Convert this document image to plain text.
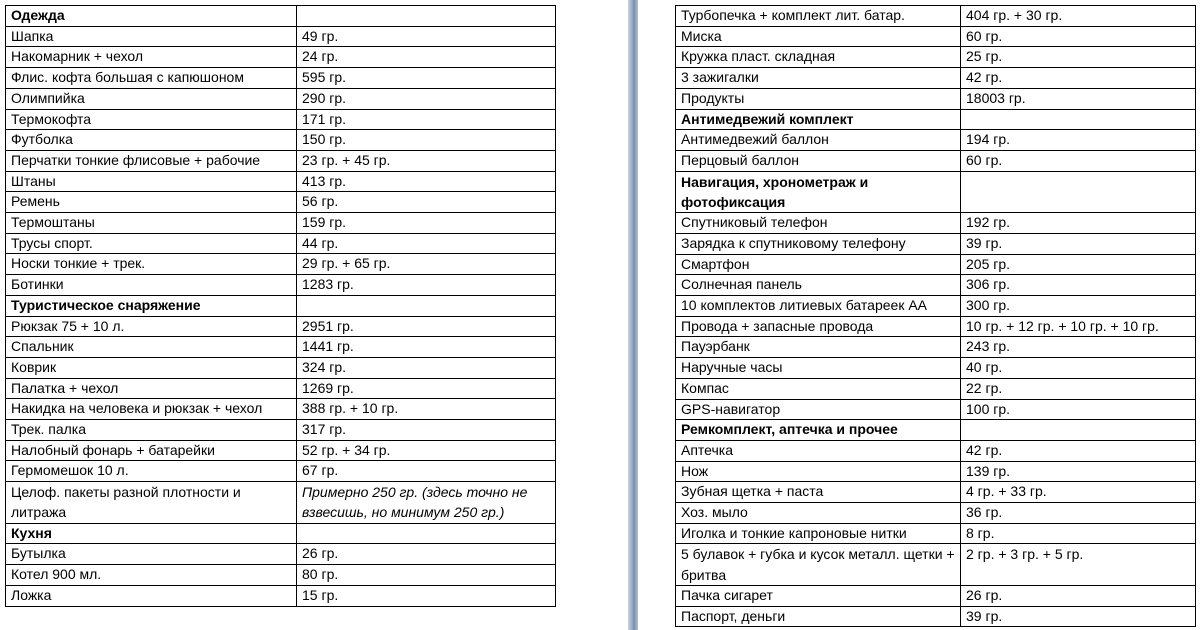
Одежда	
Шапка	49 гр.
Накомарник + чехол	24 гр.
Флис. кофта большая с капюшоном	595 гр.
Олимпийка	290 гр.
Термокофта	171 гр.
Футболка	150 гр.
Перчатки тонкие флисовые + рабочие	23 гр. + 45 гр.
Штаны	413 гр.
Ремень	56 гр.
Термоштаны	159 гр.
Трусы спорт.	44 гр.
Носки тонкие + трек.	29 гр. + 65 гр.
Ботинки	1283 гр.
Туристическое снаряжение	
Рюкзак 75 + 10 л.	2951 гр.
Спальник	1441 гр.
Коврик	324 гр.
Палатка + чехол	1269 гр.
Накидка на человека и рюкзак + чехол	388 гр. + 10 гр.
Трек. палка	317 гр.
Налобный фонарь + батарейки	52 гр. + 34 гр.
Гермомешок 10 л.	67 гр.
Целоф. пакеты разной плотности и литража	Примерно 250 гр. (здесь точно не взвесишь, но минимум 250 гр.)
Кухня	
Бутылка	26 гр.
Котел 900 мл.	80 гр.
Ложка	15 гр.
Турбопечка + комплект лит. батар.	404 гр. + 30 гр.
Миска	60 гр.
Кружка пласт. складная	25 гр.
3 зажигалки	42 гр.
Продукты	18003 гр.
Антимедвежий комплект	
Антимедвежий баллон	194 гр.
Перцовый баллон	60 гр.
Навигация, хронометраж и фотофиксация	
Спутниковый телефон	192 гр.
Зарядка к спутниковому телефону	39 гр.
Смартфон	205 гр.
Солнечная панель	306 гр.
10 комплектов литиевых батареек АА	300 гр.
Провода + запасные провода	10 гр. + 12 гр. + 10 гр. + 10 гр.
Пауэрбанк	243 гр.
Наручные часы	40 гр.
Компас	22 гр.
GPS-навигатор	100 гр.
Ремкомплект, аптечка и прочее	
Аптечка	42 гр.
Нож	139 гр.
Зубная щетка + паста	4 гр. + 33 гр.
Хоз. мыло	36 гр.
Иголка и тонкие капроновые нитки	8 гр.
5 булавок + губка и кусок металл. щетки + бритва	2 гр. + 3 гр. + 5 гр.
Пачка сигарет	26 гр.
Паспорт, деньги	39 гр.
